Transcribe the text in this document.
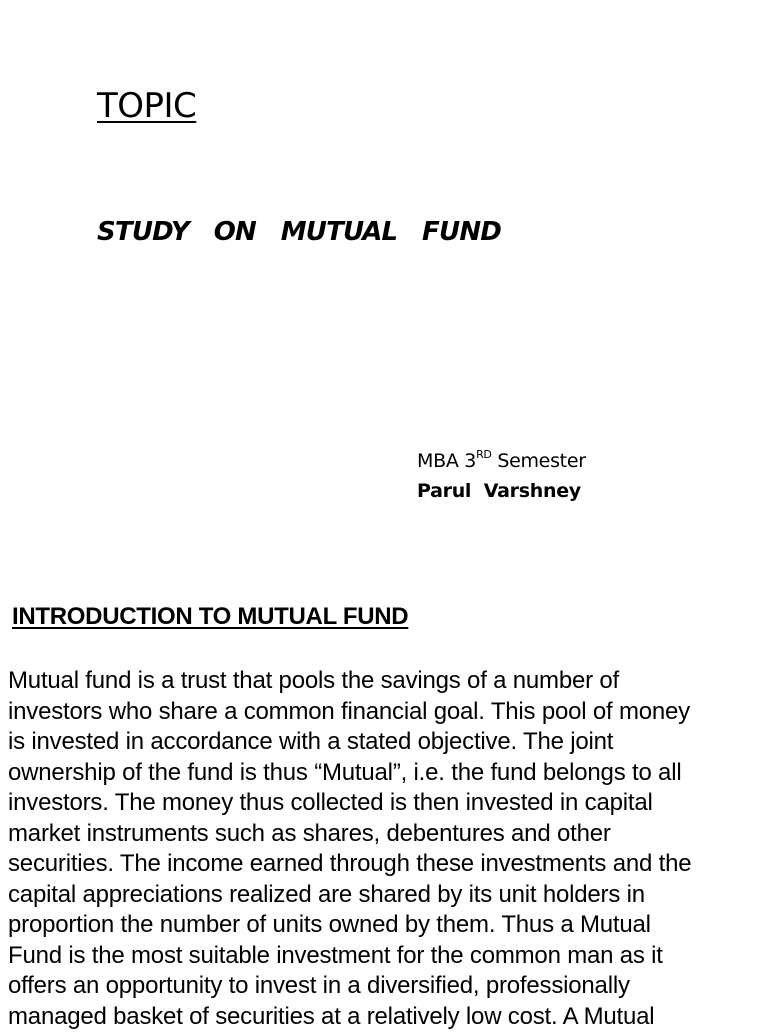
TOPIC
STUDY   ON   MUTUAL   FUND
MBA 3RD Semester
Parul  Varshney
INTRODUCTION TO MUTUAL FUND
Mutual fund is a trust that pools the savings of a number of
investors who share a common financial goal. This pool of money
is invested in accordance with a stated objective. The joint
ownership of the fund is thus “Mutual”, i.e. the fund belongs to all
investors. The money thus collected is then invested in capital
market instruments such as shares, debentures and other
securities. The income earned through these investments and the
capital appreciations realized are shared by its unit holders in
proportion the number of units owned by them. Thus a Mutual
Fund is the most suitable investment for the common man as it
offers an opportunity to invest in a diversified, professionally
managed basket of securities at a relatively low cost. A Mutual
